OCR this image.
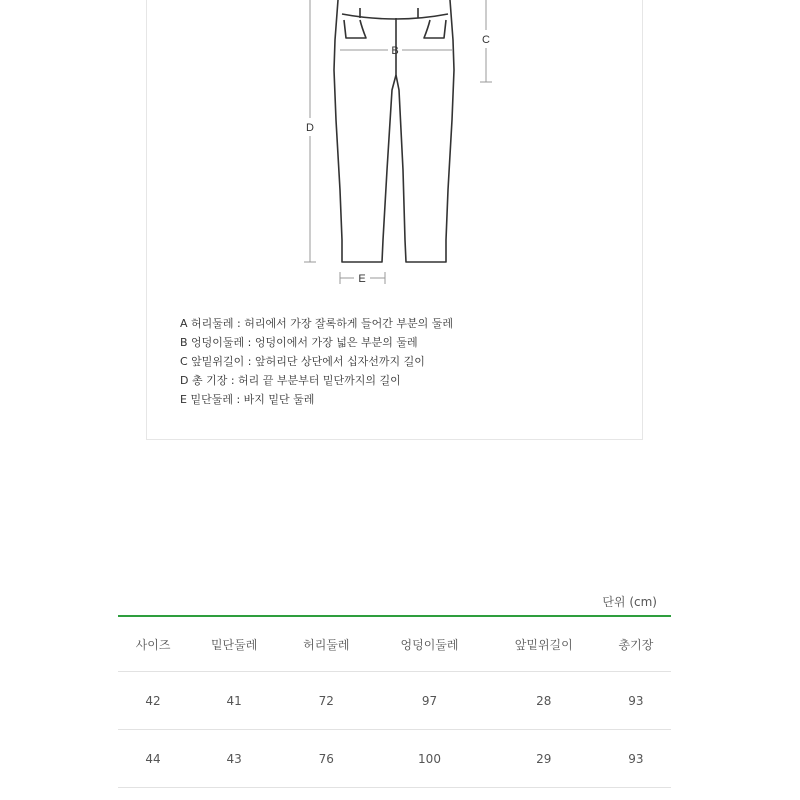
B
C
D
E
A 허리둘레 : 허리에서 가장 잘록하게 들어간 부분의 둘레
B 엉덩이둘레 : 엉덩이에서 가장 넓은 부분의 둘레
C 앞밑위길이 : 앞허리단 상단에서 십자선까지 길이
D 총 기장 : 허리 끝 부분부터 밑단까지의 길이
E 밑단둘레 : 바지 밑단 둘레
단위 (cm)
사이즈	밑단둘레	허리둘레	엉덩이둘레	앞밑위길이	총기장
42	41	72	97	28	93
44	43	76	100	29	93
